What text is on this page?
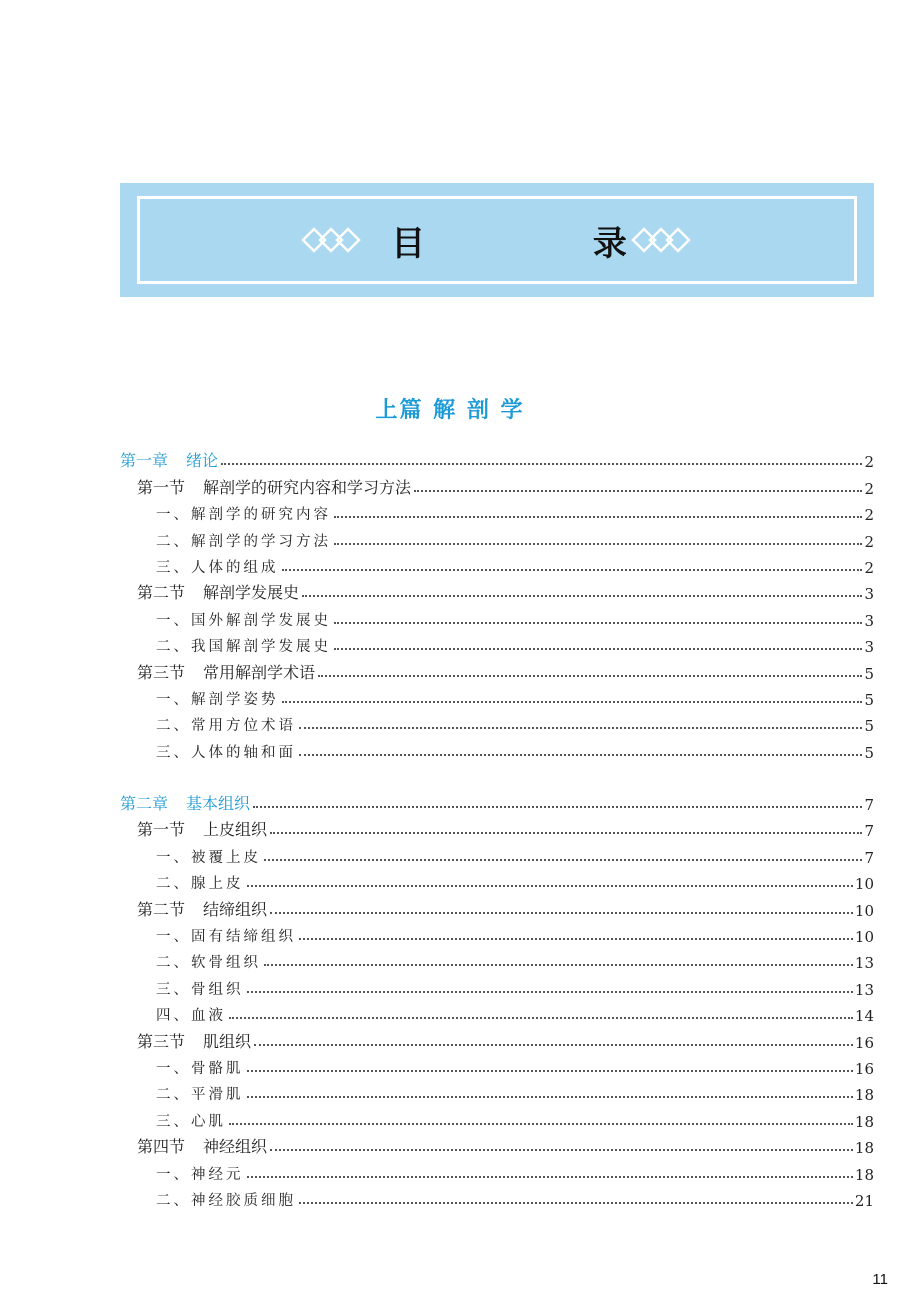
目 录
上篇 解 剖 学
第一章 绪论	2
第一节 解剖学的研究内容和学习方法	2
一、解剖学的研究内容	2
二、解剖学的学习方法	2
三、人体的组成	2
第二节 解剖学发展史	3
一、国外解剖学发展史	3
二、我国解剖学发展史	3
第三节 常用解剖学术语	5
一、解剖学姿势	5
二、常用方位术语	5
三、人体的轴和面	5
第二章 基本组织	7
第一节 上皮组织	7
一、被覆上皮	7
二、腺上皮	10
第二节 结缔组织	10
一、固有结缔组织	10
二、软骨组织	13
三、骨组织	13
四、血液	14
第三节 肌组织	16
一、骨骼肌	16
二、平滑肌	18
三、心肌	18
第四节 神经组织	18
一、神经元	18
二、神经胶质细胞	21
11
